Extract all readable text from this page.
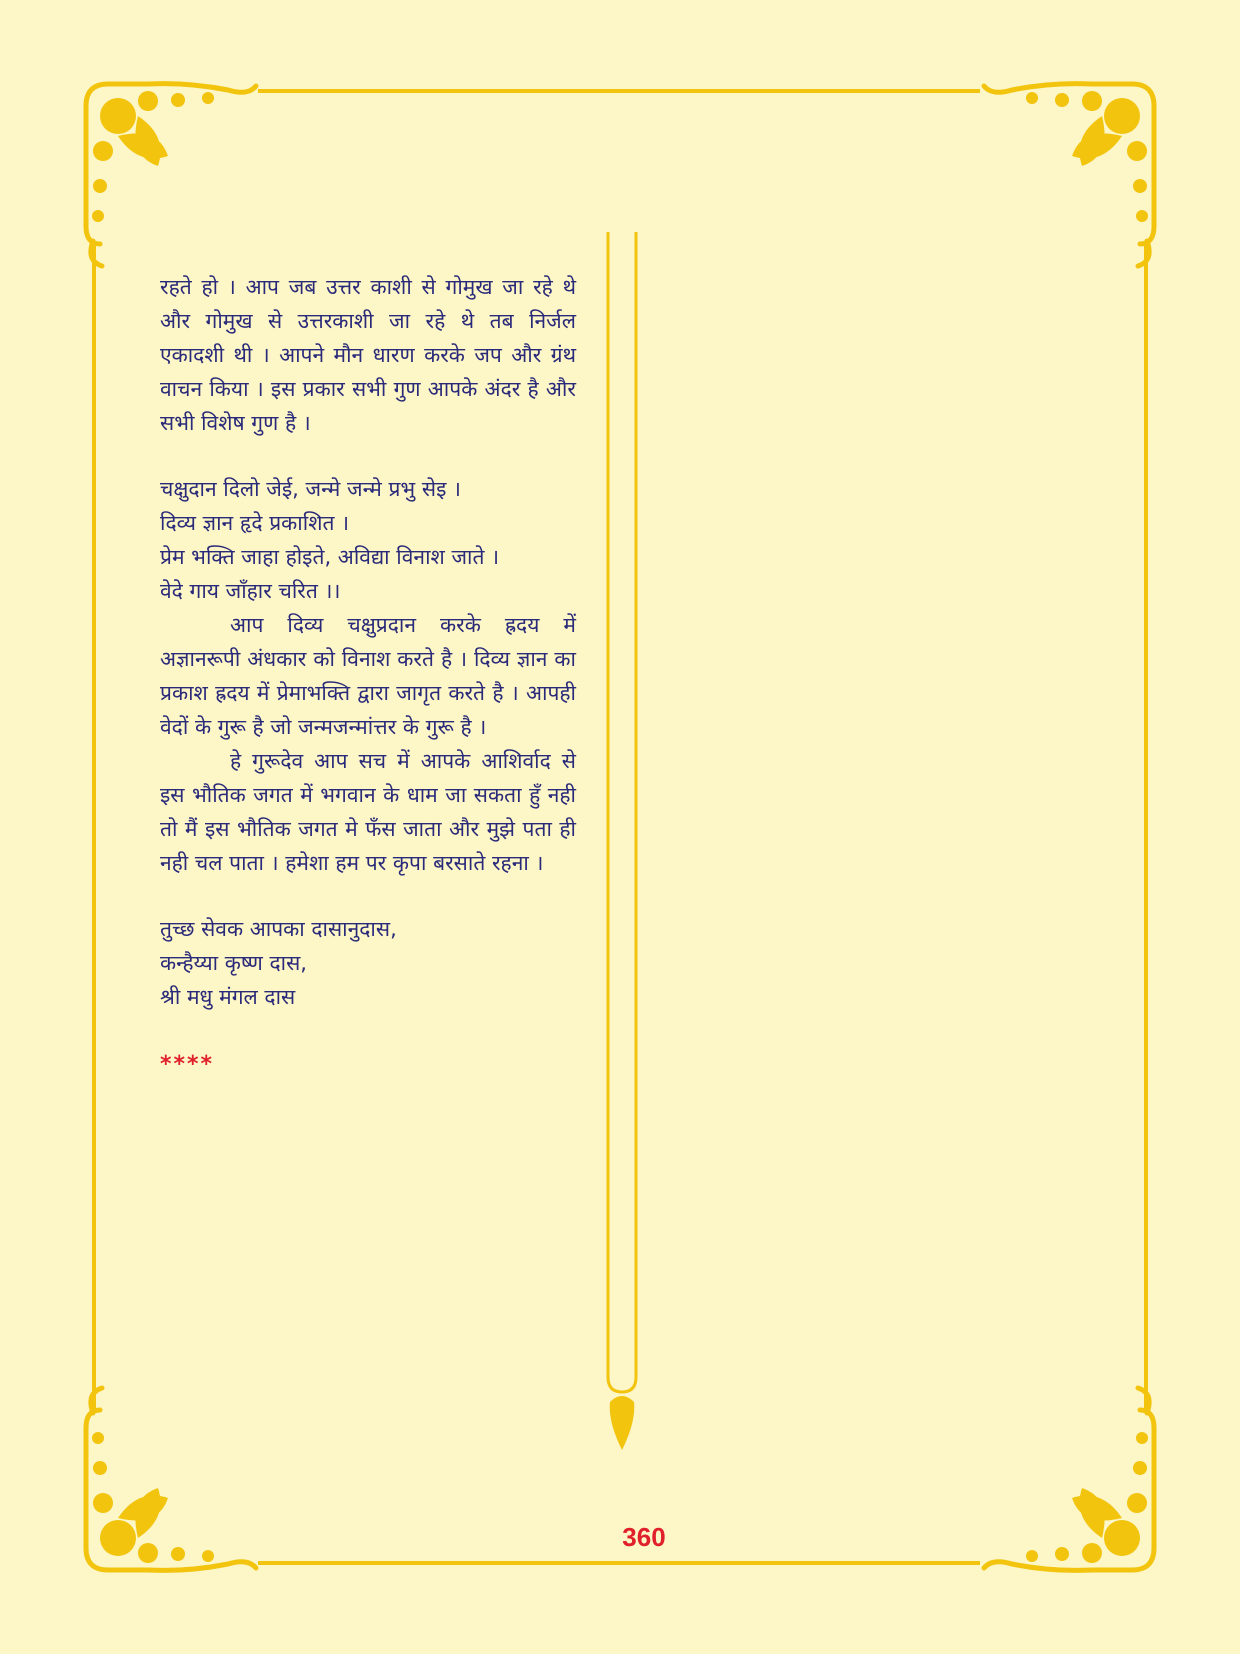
रहते हो । आप जब उत्तर काशी से गोमुख जा रहे थे और गोमुख से उत्तरकाशी जा रहे थे तब निर्जल एकादशी थी । आपने मौन धारण करके जप और ग्रंथ वाचन किया । इस प्रकार सभी गुण आपके अंदर है और सभी विशेष गुण है ।

चक्षुदान दिलो जेई, जन्मे जन्मे प्रभु सेइ ।
दिव्य ज्ञान हृदे प्रकाशित ।
प्रेम भक्ति जाहा होइते, अविद्या विनाश जाते ।
वेदे गाय जाँहार चरित ।।

आप दिव्य चक्षुप्रदान करके ह्रदय में अज्ञानरूपी अंधकार को विनाश करते है । दिव्य ज्ञान का प्रकाश ह्रदय में प्रेमाभक्ति द्वारा जागृत करते है । आपही वेदों के गुरू है जो जन्मजन्मांत्तर के गुरू है ।

हे गुरूदेव आप सच में आपके आशिर्वाद से इस भौतिक जगत में भगवान के धाम जा सकता हुँ नही तो मैं इस भौतिक जगत मे फँस जाता और मुझे पता ही नही चल पाता । हमेशा हम पर कृपा बरसाते रहना ।

तुच्छ सेवक आपका दासानुदास,
कन्हैय्या कृष्ण दास,
श्री मधु मंगल दास
****
360
